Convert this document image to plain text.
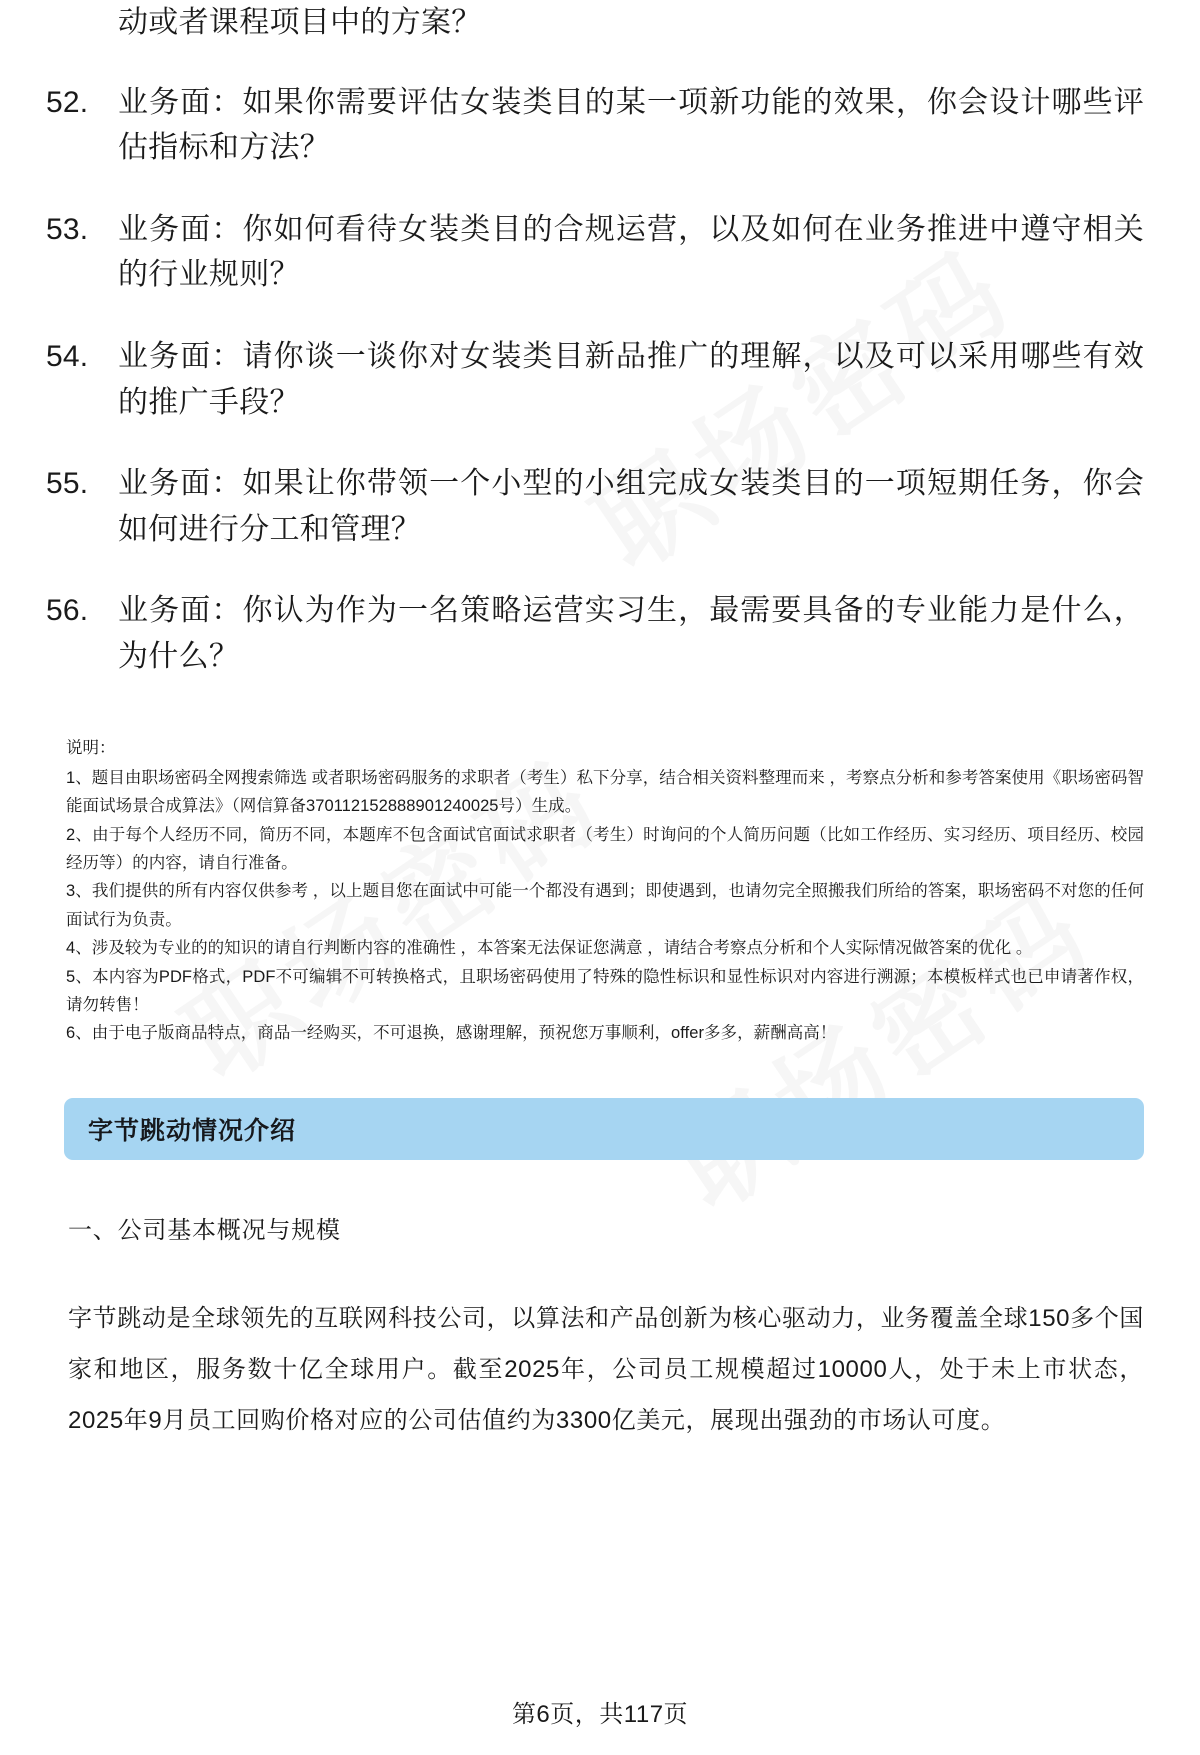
动或者课程项目中的方案？

52. 业务面：如果你需要评估女装类目的某一项新功能的效果，你会设计哪些评估指标和方法？
53. 业务面：你如何看待女装类目的合规运营，以及如何在业务推进中遵守相关的行业规则？
54. 业务面：请你谈一谈你对女装类目新品推广的理解，以及可以采用哪些有效的推广手段？
55. 业务面：如果让你带领一个小型的小组完成女装类目的一项短期任务，你会如何进行分工和管理？
56. 业务面：你认为作为一名策略运营实习生，最需要具备的专业能力是什么，为什么？

说明：

1、题目由职场密码全网搜索筛选 或者职场密码服务的求职者（考生）私下分享，结合相关资料整理而来 ，考察点分析和参考答案使用《职场密码智能面试场景合成算法》（网信算备370112152888901240025号）生成。

2、由于每个人经历不同，简历不同，本题库不包含面试官面试求职者（考生）时询问的个人简历问题（比如工作经历、实习经历、项目经历、校园经历等）的内容，请自行准备。

3、我们提供的所有内容仅供参考 ，以上题目您在面试中可能一个都没有遇到；即使遇到，也请勿完全照搬我们所给的答案，职场密码不对您的任何面试行为负责。

4、涉及较为专业的的知识的请自行判断内容的准确性 ，本答案无法保证您满意 ，请结合考察点分析和个人实际情况做答案的优化 。

5、本内容为PDF格式，PDF不可编辑不可转换格式，且职场密码使用了特殊的隐性标识和显性标识对内容进行溯源；本模板样式也已申请著作权，请勿转售！

6、由于电子版商品特点，商品一经购买，不可退换，感谢理解，预祝您万事顺利，offer多多，薪酬高高！

字节跳动情况介绍

一、公司基本概况与规模

字节跳动是全球领先的互联网科技公司，以算法和产品创新为核心驱动力，业务覆盖全球150多个国家和地区，服务数十亿全球用户。截至2025年，公司员工规模超过10000人，处于未上市状态，2025年9月员工回购价格对应的公司估值约为3300亿美元，展现出强劲的市场认可度。

第6页，共117页
